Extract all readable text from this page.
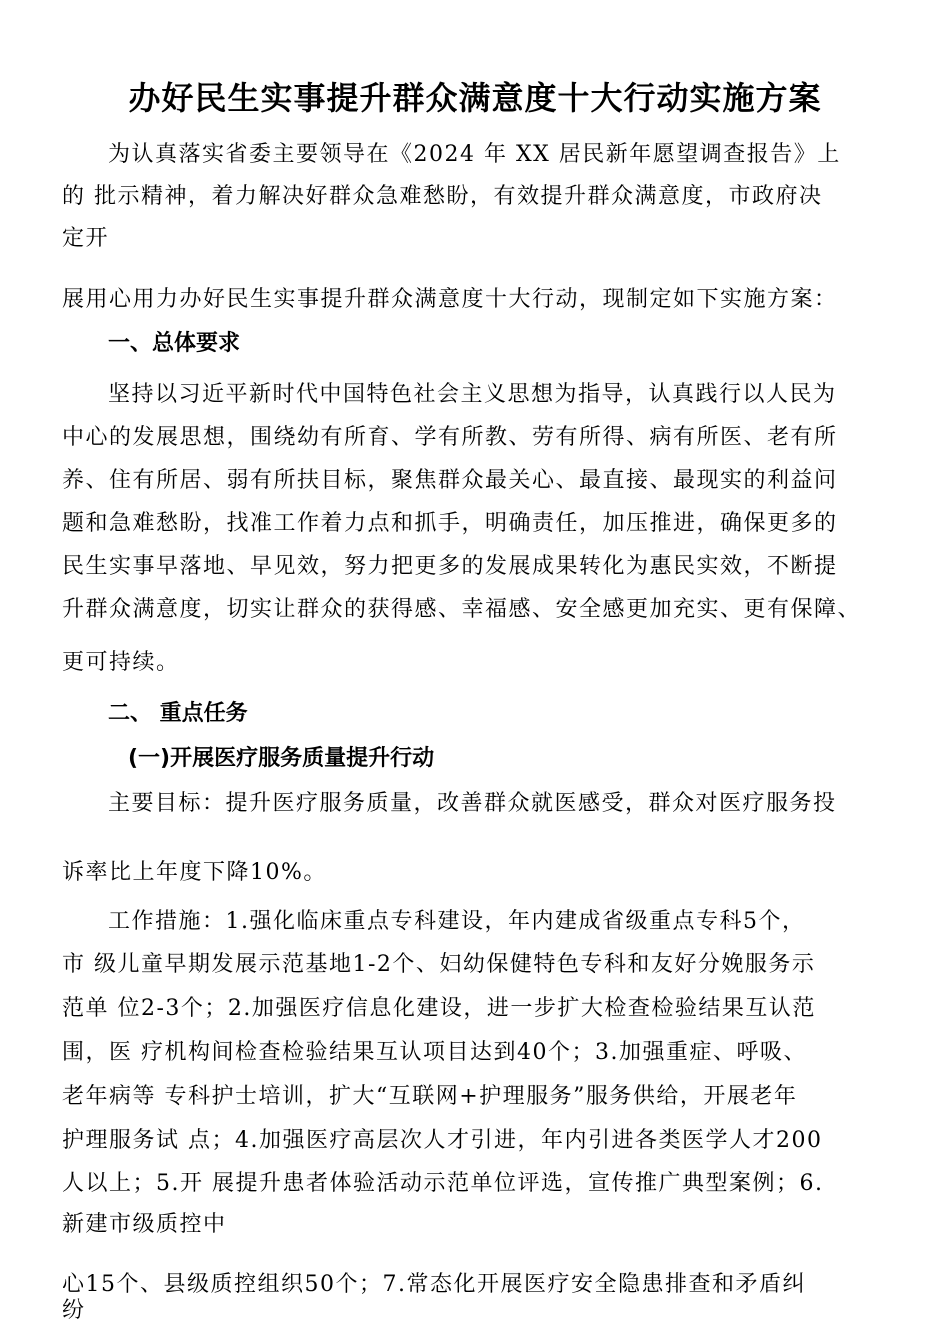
办好民生实事提升群众满意度十大行动实施方案

为认真落实省委主要领导在《2024 年 XX 居民新年愿望调查报告》上

的 批示精神，着力解决好群众急难愁盼，有效提升群众满意度，市政府决

定开

展用心用力办好民生实事提升群众满意度十大行动，现制定如下实施方案：

一、总体要求

坚持以习近平新时代中国特色社会主义思想为指导，认真践行以人民为

中心的发展思想，围绕幼有所育、学有所教、劳有所得、病有所医、老有所

养、住有所居、弱有所扶目标，聚焦群众最关心、最直接、最现实的利益问

题和急难愁盼，找准工作着力点和抓手，明确责任，加压推进，确保更多的

民生实事早落地、早见效，努力把更多的发展成果转化为惠民实效，不断提

升群众满意度，切实让群众的获得感、幸福感、安全感更加充实、更有保障、

更可持续。

二、 重点任务
(一)开展医疗服务质量提升行动

主要目标：提升医疗服务质量，改善群众就医感受，群众对医疗服务投

诉率比上年度下降10%。

工作措施：1.强化临床重点专科建设，年内建成省级重点专科5个，

市 级儿童早期发展示范基地1-2个、妇幼保健特色专科和友好分娩服务示

范单 位2-3个；2.加强医疗信息化建设，进一步扩大检查检验结果互认范

围，医 疗机构间检查检验结果互认项目达到40个；3.加强重症、呼吸、

老年病等 专科护士培训，扩大“互联网+护理服务”服务供给，开展老年

护理服务试 点；4.加强医疗高层次人才引进，年内引进各类医学人才200

人以上；5.开 展提升患者体验活动示范单位评选，宣传推广典型案例；6.

新建市级质控中

心15个、县级质控组织50个；7.常态化开展医疗安全隐患排查和矛盾纠

纷
